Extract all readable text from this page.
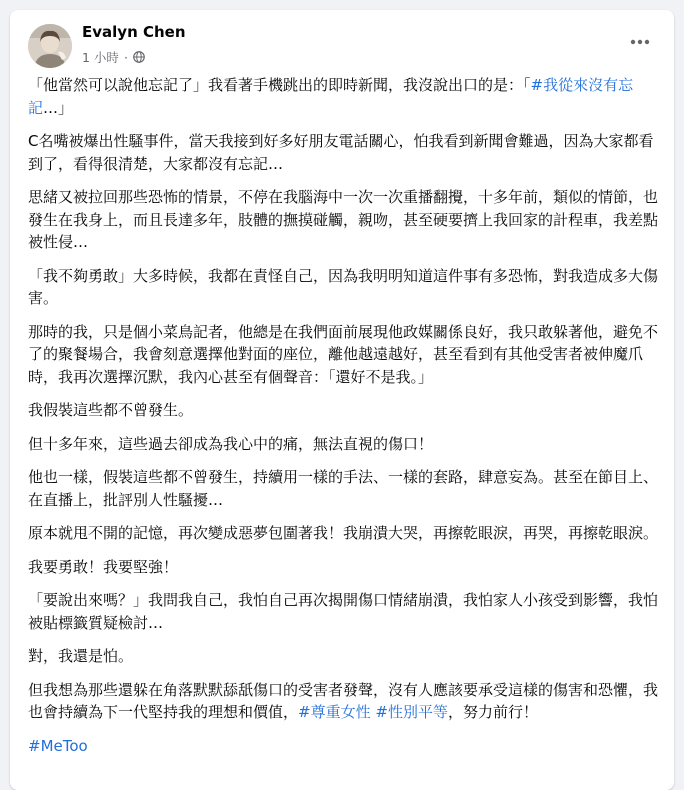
Evalyn Chen
1 小時 ·

「他當然可以說他忘記了」我看著手機跳出的即時新聞，我沒說出口的是：「#我從來沒有忘記…」

C名嘴被爆出性騷事件，當天我接到好多好朋友電話關心，怕我看到新聞會難過，因為大家都看到了，看得很清楚，大家都沒有忘記…

思緒又被拉回那些恐怖的情景，不停在我腦海中一次一次重播翻攪，十多年前，類似的情節，也發生在我身上，而且長達多年，肢體的撫摸碰觸，親吻，甚至硬要擠上我回家的計程車，我差點被性侵…

「我不夠勇敢」大多時候，我都在責怪自己，因為我明明知道這件事有多恐怖，對我造成多大傷害。

那時的我，只是個小菜鳥記者，他總是在我們面前展現他政媒關係良好，我只敢躲著他，避免不了的聚餐場合，我會刻意選擇他對面的座位，離他越遠越好，甚至看到有其他受害者被伸魔爪時，我再次選擇沉默，我內心甚至有個聲音：「還好不是我。」

我假裝這些都不曾發生。

但十多年來，這些過去卻成為我心中的痛，無法直視的傷口！

他也一樣，假裝這些都不曾發生，持續用一樣的手法、一樣的套路，肆意妄為。甚至在節目上、在直播上，批評別人性騷擾…

原本就甩不開的記憶，再次變成惡夢包圍著我！我崩潰大哭，再擦乾眼淚，再哭，再擦乾眼淚。

我要勇敢！我要堅強！

「要說出來嗎？」我問我自己，我怕自己再次揭開傷口情緒崩潰，我怕家人小孩受到影響，我怕被貼標籤質疑檢討…

對，我還是怕。

但我想為那些還躲在角落默默舔舐傷口的受害者發聲，沒有人應該要承受這樣的傷害和恐懼，我也會持續為下一代堅持我的理想和價值，#尊重女性 #性別平等，努力前行！

#MeToo
